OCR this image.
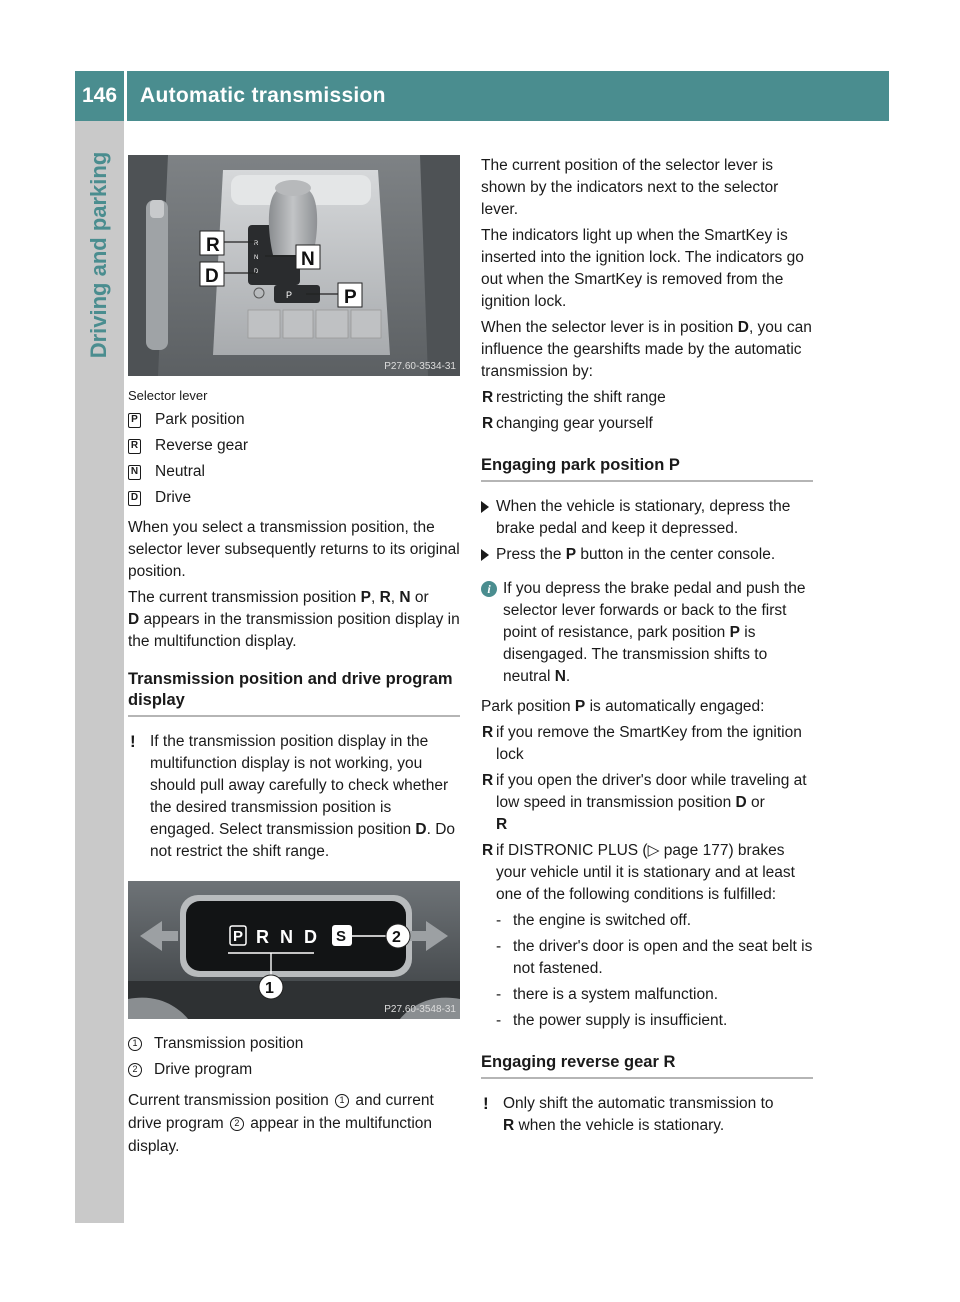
146	Automatic transmission
Driving and parking	P
R
N
D
R
N
D
P
P27.60-3534-31
Selector lever
P Park position
R Reverse gear
N Neutral
D Drive

When you select a transmission position, the selector lever subsequently returns to its original position.

The current transmission position P, R, N or
D appears in the transmission position display in the multifunction display.

Transmission position and drive program display
! If the transmission position display in the multifunction display is not working, you should pull away carefully to check whether the desired transmission position is engaged. Select transmission position D. Do not restrict the shift range.
P R N D S
1
2
P27.60-3548-31
1 Transmission position
2 Drive program

Current transmission position 1 and current drive program 2 appear in the multifunction display.

The current position of the selector lever is shown by the indicators next to the selector lever.

The indicators light up when the SmartKey is inserted into the ignition lock. The indicators go out when the SmartKey is removed from the ignition lock.

When the selector lever is in position D, you can influence the gearshifts made by the automatic transmission by:

R restricting the shift range
R changing gear yourself
Engaging park position P
When the vehicle is stationary, depress the brake pedal and keep it depressed.
Press the P button in the center console.
i If you depress the brake pedal and push the selector lever forwards or back to the first point of resistance, park position P is disengaged. The transmission shifts to neutral N.

Park position P is automatically engaged:

R if you remove the SmartKey from the ignition lock
R if you open the driver's door while traveling at low speed in transmission position D or
R
R if DISTRONIC PLUS (▷ page 177) brakes your vehicle until it is stationary and at least one of the following conditions is fulfilled:
- the engine is switched off.
- the driver's door is open and the seat belt is not fastened.
- there is a system malfunction.
- the power supply is insufficient.
Engaging reverse gear R
! Only shift the automatic transmission to
R when the vehicle is stationary.
